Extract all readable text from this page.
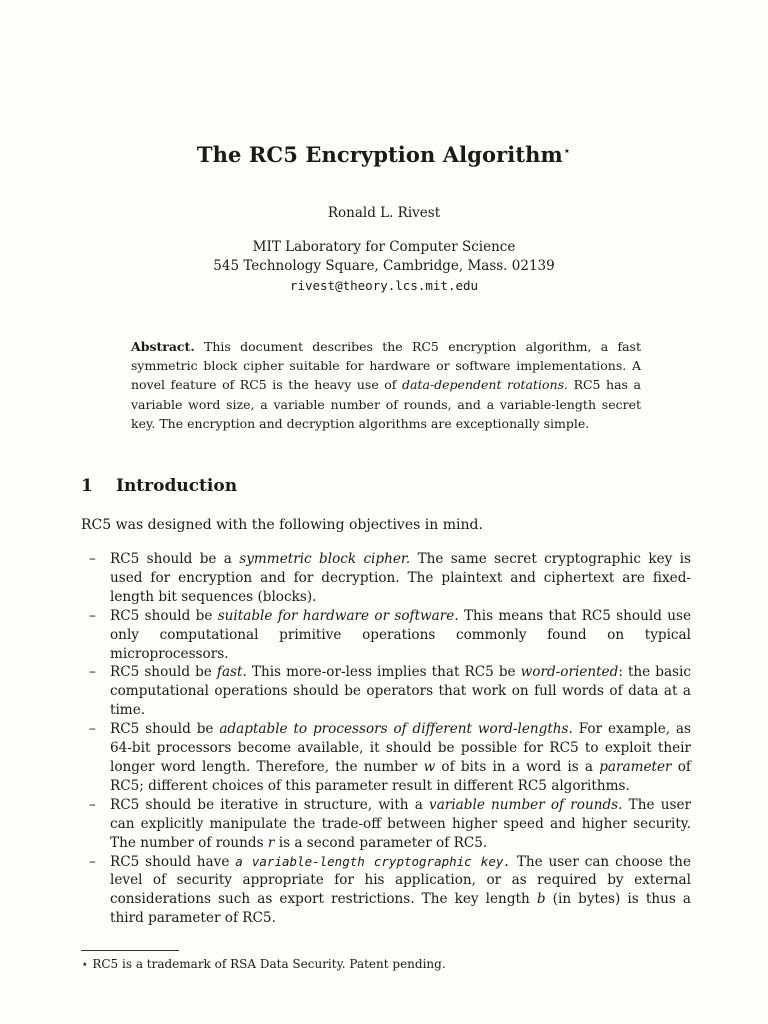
The RC5 Encryption Algorithm⋆
Ronald L. Rivest
MIT Laboratory for Computer Science
545 Technology Square, Cambridge, Mass. 02139
rivest@theory.lcs.mit.edu
Abstract. This document describes the RC5 encryption algorithm, a fast symmetric block cipher suitable for hardware or software implementations. A novel feature of RC5 is the heavy use of data-dependent rotations. RC5 has a variable word size, a variable number of rounds, and a variable-length secret key. The encryption and decryption algorithms are exceptionally simple.
1 Introduction
RC5 was designed with the following objectives in mind.
– RC5 should be a symmetric block cipher. The same secret cryptographic key is used for encryption and for decryption. The plaintext and ciphertext are fixed-length bit sequences (blocks).
– RC5 should be suitable for hardware or software. This means that RC5 should use only computational primitive operations commonly found on typical microprocessors.
– RC5 should be fast. This more-or-less implies that RC5 be word-oriented: the basic computational operations should be operators that work on full words of data at a time.
– RC5 should be adaptable to processors of different word-lengths. For example, as 64-bit processors become available, it should be possible for RC5 to exploit their longer word length. Therefore, the number w of bits in a word is a parameter of RC5; different choices of this parameter result in different RC5 algorithms.
– RC5 should be iterative in structure, with a variable number of rounds. The user can explicitly manipulate the trade-off between higher speed and higher security. The number of rounds r is a second parameter of RC5.
– RC5 should have a variable-length cryptographic key. The user can choose the level of security appropriate for his application, or as required by external considerations such as export restrictions. The key length b (in bytes) is thus a third parameter of RC5.
⋆ RC5 is a trademark of RSA Data Security. Patent pending.
